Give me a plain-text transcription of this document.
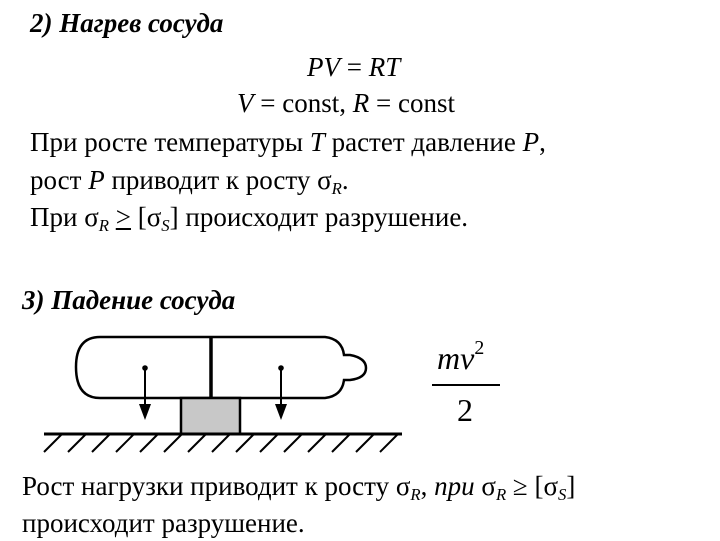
2) Нагрев сосуда
PV = RT
V = const, R = const
При росте температуры T растет давление P,
рост P приводит к росту $\sigma_R$.
При $\sigma_R > [\sigma_S]$ происходит разрушение.
3) Падение сосуда
$mv^2$
2
Рост нагрузки приводит к росту $\sigma_R$, при $\sigma_R \ge [\sigma_S]$
происходит разрушение.
